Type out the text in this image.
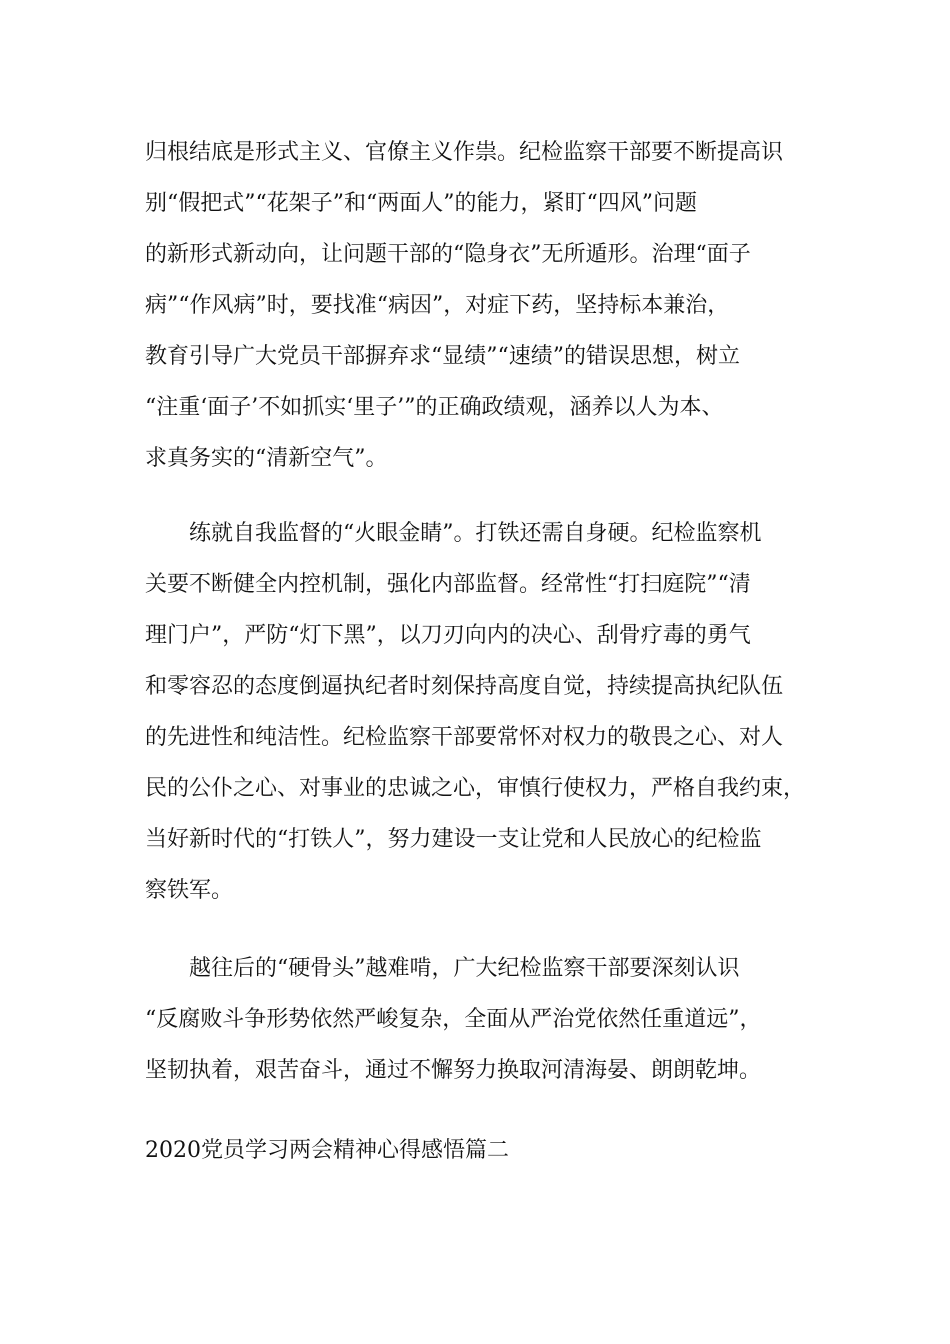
归根结底是形式主义、官僚主义作祟。纪检监察干部要不断提高识
别“假把式”“花架子”和“两面人”的能力，紧盯“四风”问题
的新形式新动向，让问题干部的“隐身衣”无所遁形。治理“面子
病”“作风病”时，要找准“病因”，对症下药，坚持标本兼治，
教育引导广大党员干部摒弃求“显绩”“速绩”的错误思想，树立
“注重‘面子’不如抓实‘里子’”的正确政绩观，涵养以人为本、
求真务实的“清新空气”。
练就自我监督的“火眼金睛”。打铁还需自身硬。纪检监察机
关要不断健全内控机制，强化内部监督。经常性“打扫庭院”“清
理门户”，严防“灯下黑”，以刀刃向内的决心、刮骨疗毒的勇气
和零容忍的态度倒逼执纪者时刻保持高度自觉，持续提高执纪队伍
的先进性和纯洁性。纪检监察干部要常怀对权力的敬畏之心、对人
民的公仆之心、对事业的忠诚之心，审慎行使权力，严格自我约束，
当好新时代的“打铁人”，努力建设一支让党和人民放心的纪检监
察铁军。
越往后的“硬骨头”越难啃，广大纪检监察干部要深刻认识
“反腐败斗争形势依然严峻复杂，全面从严治党依然任重道远”，
坚韧执着，艰苦奋斗，通过不懈努力换取河清海晏、朗朗乾坤。
2020党员学习两会精神心得感悟篇二
